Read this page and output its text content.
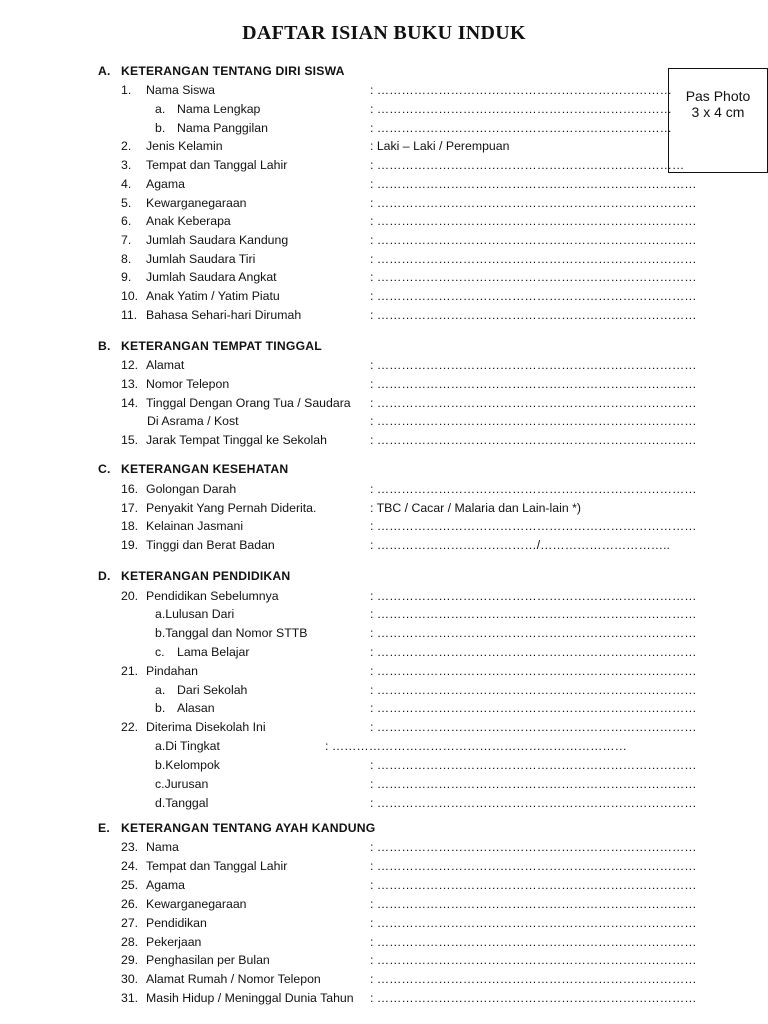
DAFTAR ISIAN BUKU INDUK
Pas Photo
3 x 4 cm
A. KETERANGAN TENTANG DIRI SISWA
1. Nama Siswa	: ………………………………………………………………
a. Nama Lengkap	: ………………………………………………………………
b. Nama Panggilan	: ………………………………………………………………
2. Jenis Kelamin	: Laki – Laki / Perempuan
3. Tempat dan Tanggal Lahir	: …………………………………………………………………
4. Agama	: ……………………………………………………………………
5. Kewarganegaraan	: ……………………………………………………………………
6. Anak Keberapa	: ……………………………………………………………………
7. Jumlah Saudara Kandung	: ……………………………………………………………………
8. Jumlah Saudara Tiri	: ……………………………………………………………………
9. Jumlah Saudara Angkat	: ……………………………………………………………………
10. Anak Yatim / Yatim Piatu	: ……………………………………………………………………
11. Bahasa Sehari-hari Dirumah	: ……………………………………………………………………
B. KETERANGAN TEMPAT TINGGAL
12. Alamat	: ……………………………………………………………………
13. Nomor Telepon	: ……………………………………………………………………
14. Tinggal Dengan Orang Tua / Saudara : ……………………………………………………………………
Di Asrama / Kost	: ……………………………………………………………………
15. Jarak Tempat Tinggal ke Sekolah	: ……………………………………………………………………
C. KETERANGAN KESEHATAN
16. Golongan Darah	: ……………………………………………………………………
17. Penyakit Yang Pernah Diderita.	: TBC / Cacar / Malaria dan Lain-lain *)
18. Kelainan Jasmani	: ……………………………………………………………………
19. Tinggi dan Berat Badan	: …………………………………/…………………………..
D. KETERANGAN PENDIDIKAN
20. Pendidikan Sebelumnya	: ……………………………………………………………………
a.Lulusan Dari	: ……………………………………………………………………
b.Tanggal dan Nomor STTB	: ……………………………………………………………………
c. Lama Belajar	: ……………………………………………………………………
21. Pindahan	: ……………………………………………………………………
a. Dari Sekolah	: ……………………………………………………………………
b. Alasan	: ……………………………………………………………………
22. Diterima Disekolah Ini	: ……………………………………………………………………
a.Di Tingkat	: ………………………………………………………………
b.Kelompok	: ……………………………………………………………………
c.Jurusan	: ……………………………………………………………………
d.Tanggal	: ……………………………………………………………………
E. KETERANGAN TENTANG AYAH KANDUNG
23. Nama	: ……………………………………………………………………
24. Tempat dan Tanggal Lahir	: ……………………………………………………………………
25. Agama	: ……………………………………………………………………
26. Kewarganegaraan	: ……………………………………………………………………
27. Pendidikan	: ……………………………………………………………………
28. Pekerjaan	: ……………………………………………………………………
29. Penghasilan per Bulan	: ……………………………………………………………………
30. Alamat Rumah / Nomor Telepon	: ……………………………………………………………………
31. Masih Hidup / Meninggal Dunia Tahun : ……………………………………………………………………
